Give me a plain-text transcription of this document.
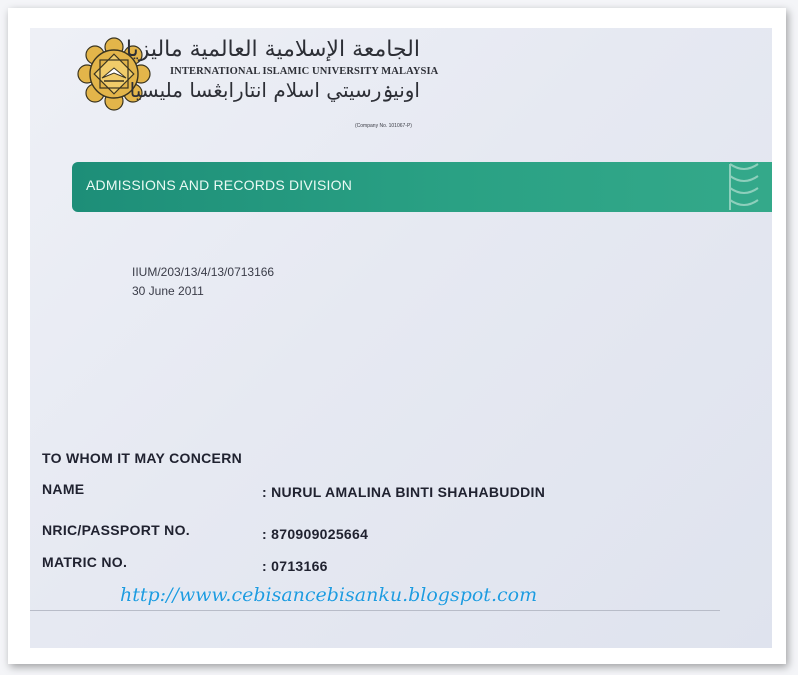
الجامعة الإسلامية العالمية ماليزيا
INTERNATIONAL ISLAMIC UNIVERSITY MALAYSIA
اونيۏرسيتي اسلام انتارابڠسا مليسيا
(Company No. 101067-P)
ADMISSIONS AND RECORDS DIVISION
IIUM/203/13/4/13/0713166
30 June 2011
TO WHOM IT MAY CONCERN
NAME	: NURUL AMALINA BINTI SHAHABUDDIN
NRIC/PASSPORT NO.	: 870909025664
MATRIC NO.	: 0713166
http://www.cebisancebisanku.blogspot.com
